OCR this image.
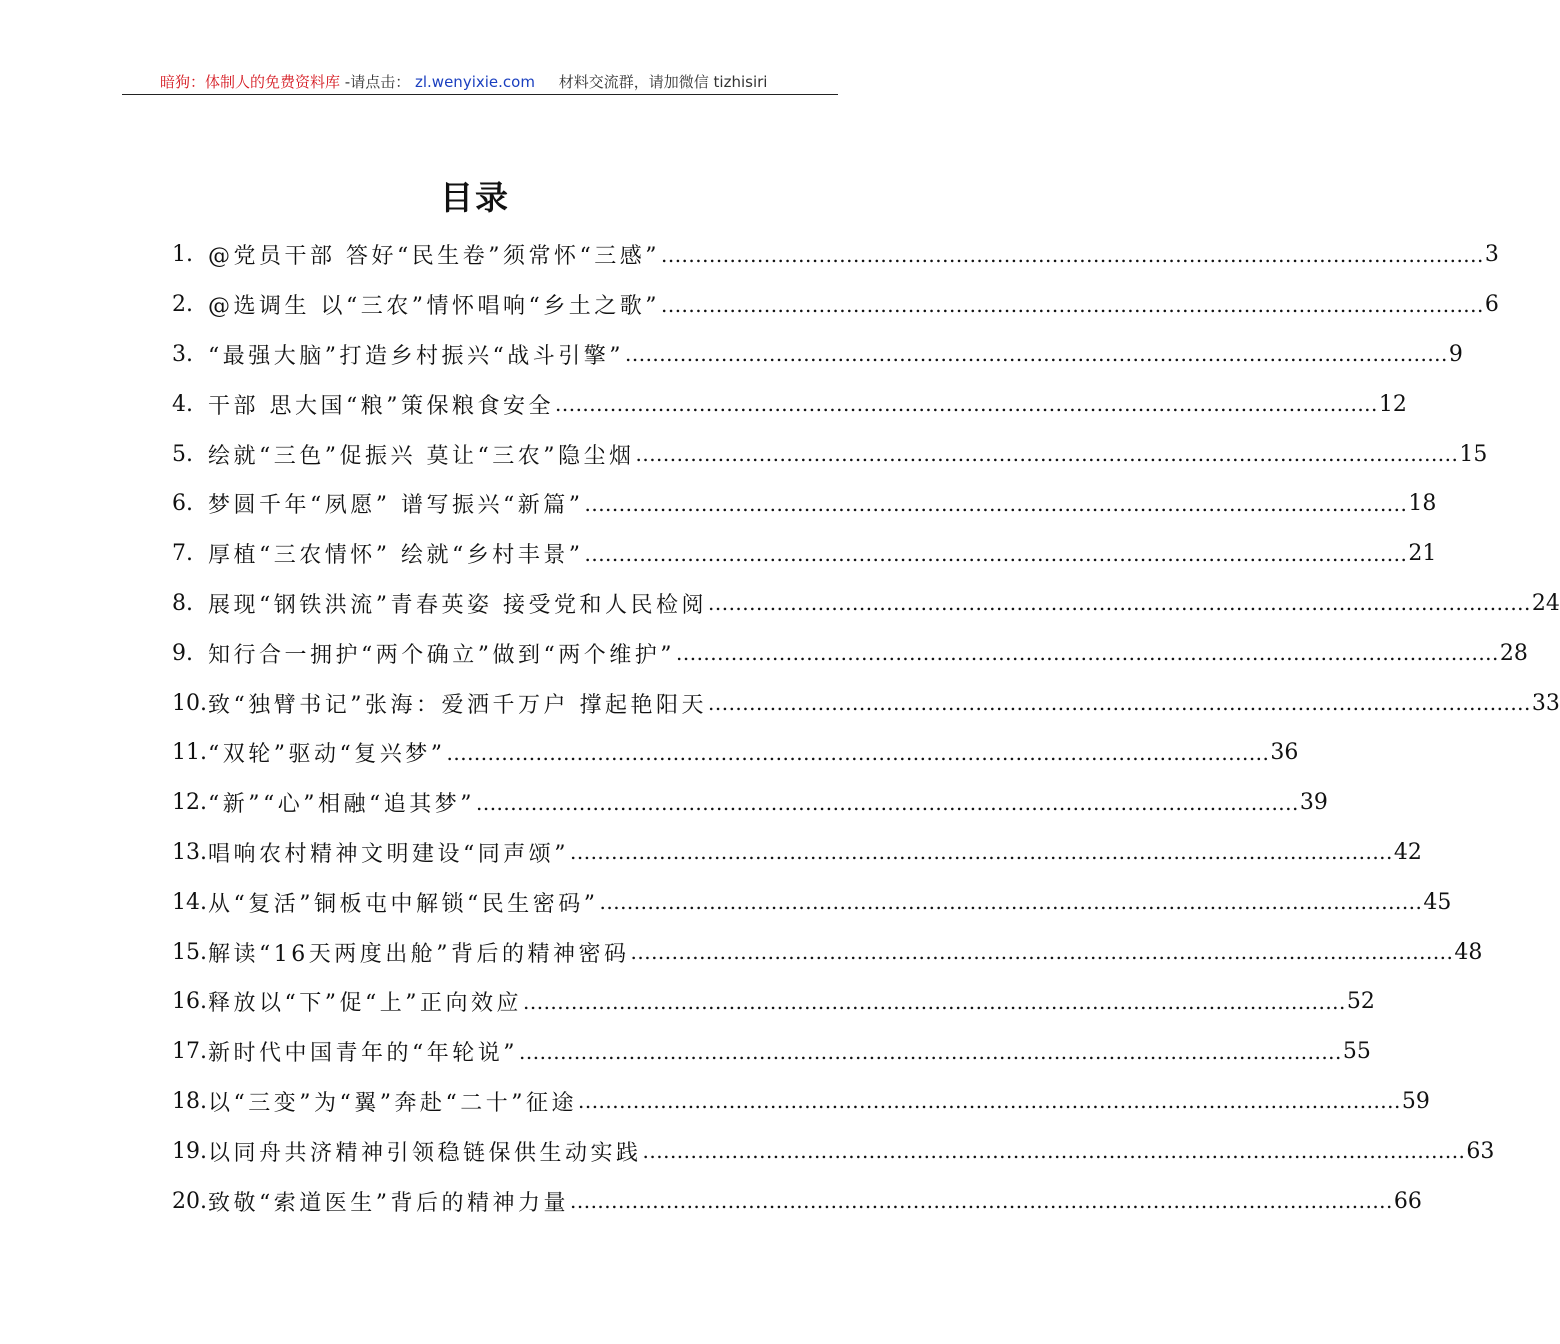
暗狗：体制人的免费资料库 -请点击： zl.wenyixie.com 材料交流群，请加微信 tizhisiri
目录
1. @党员干部 答好“民生卷”须常怀“三感” ........................................................................................................................ 3
2. @选调生 以“三农”情怀唱响“乡土之歌” ........................................................................................................................ 6
3. “最强大脑”打造乡村振兴“战斗引擎” ........................................................................................................................ 9
4. 干部 思大国“粮”策保粮食安全 ........................................................................................................................ 12
5. 绘就“三色”促振兴 莫让“三农”隐尘烟 ........................................................................................................................ 15
6. 梦圆千年“夙愿” 谱写振兴“新篇” ........................................................................................................................ 18
7. 厚植“三农情怀” 绘就“乡村丰景” ........................................................................................................................ 21
8. 展现“钢铁洪流”青春英姿 接受党和人民检阅 ........................................................................................................................ 24
9. 知行合一拥护“两个确立”做到“两个维护” ........................................................................................................................ 28
10. 致“独臂书记”张海：爱洒千万户 撑起艳阳天 ........................................................................................................................ 33
11. “双轮”驱动“复兴梦” ........................................................................................................................ 36
12. “新”“心”相融“追其梦” ........................................................................................................................ 39
13. 唱响农村精神文明建设“同声颂” ........................................................................................................................ 42
14. 从“复活”铜板屯中解锁“民生密码” ........................................................................................................................ 45
15. 解读“16天两度出舱”背后的精神密码 ........................................................................................................................ 48
16. 释放以“下”促“上”正向效应 ........................................................................................................................ 52
17. 新时代中国青年的“年轮说” ........................................................................................................................ 55
18. 以“三变”为“翼”奔赴“二十”征途 ........................................................................................................................ 59
19. 以同舟共济精神引领稳链保供生动实践 ........................................................................................................................ 63
20. 致敬“索道医生”背后的精神力量 ........................................................................................................................ 66
